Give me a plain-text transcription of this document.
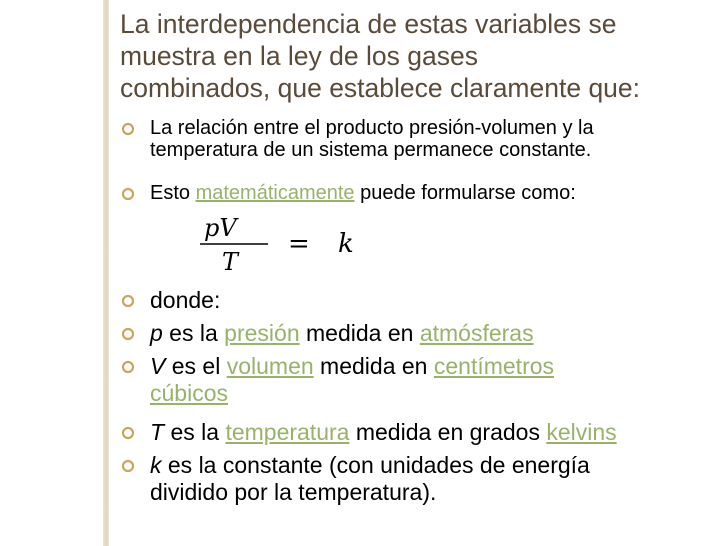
La interdependencia de estas variables se
muestra en la ley de los gases
combinados, que establece claramente que:
La relación entre el producto presión-volumen y la
temperatura de un sistema permanece constante.
Esto matemáticamente puede formularse como:
donde:
p es la presión medida en atmósferas
V es el volumen medida en centímetros
cúbicos
T es la temperatura medida en grados kelvins
k es la constante (con unidades de energía
dividido por la temperatura).
pV
T
= k
